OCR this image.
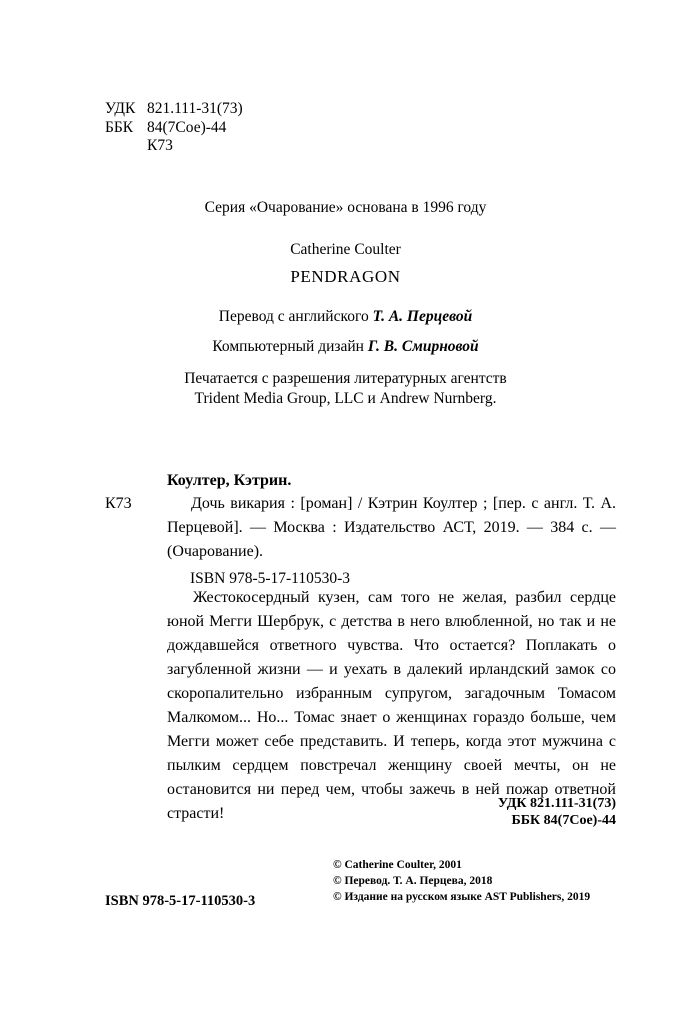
УДК 821.111-31(73)
ББК 84(7Сое)-44
К73
Серия «Очарование» основана в 1996 году
Catherine Coulter
PENDRAGON
Перевод с английского Т. А. Перцевой
Компьютерный дизайн Г. В. Смирновой
Печатается с разрешения литературных агентств
Trident Media Group, LLC и Andrew Nurnberg.
Коултер, Кэтрин.
К73	Дочь викария : [роман] / Кэтрин Коултер ; [пер. с англ. Т. А. Перцевой]. — Москва : Издательство АСТ, 2019. — 384 с. — (Очарование).
ISBN 978-5-17-110530-3
Жестокосердный кузен, сам того не желая, разбил сердце юной Мегги Шербрук, с детства в него влюбленной, но так и не дождавшейся ответного чувства. Что остается? Поплакать о загубленной жизни — и уехать в далекий ирландский замок со скоропалительно избранным супругом, загадочным Томасом Малкомом... Но... Томас знает о женщинах гораздо больше, чем Мегги может себе представить. И теперь, когда этот мужчина с пылким сердцем повстречал женщину своей мечты, он не остановится ни перед чем, чтобы зажечь в ней пожар ответной страсти!
УДК 821.111-31(73)
ББК 84(7Сое)-44
ISBN 978-5-17-110530-3
© Catherine Coulter, 2001
© Перевод. Т. А. Перцева, 2018
© Издание на русском языке AST Publishers, 2019
